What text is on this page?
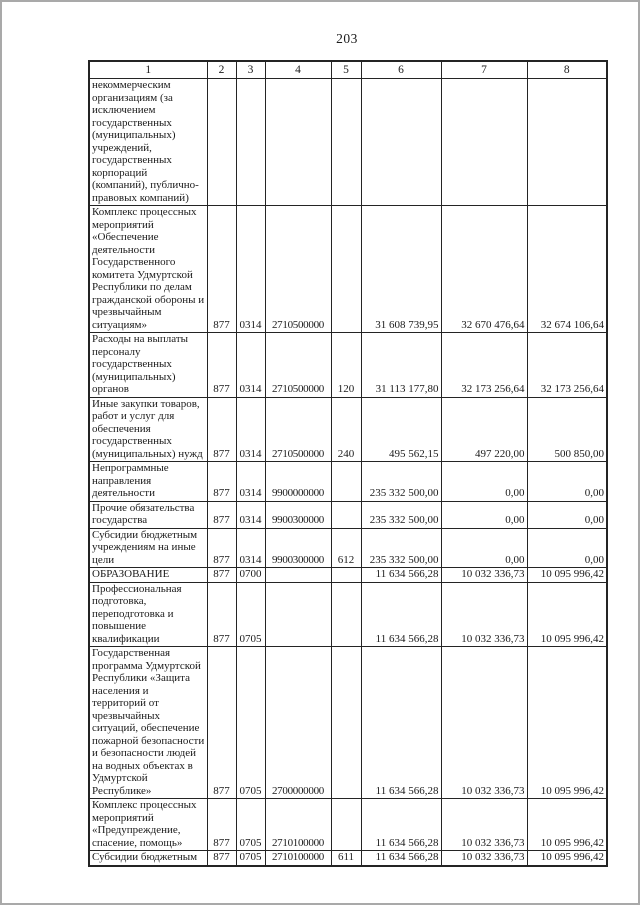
203
1	2	3	4	5	6	7	8
некоммерческим организациям (за исключением государственных (муниципальных) учреждений, государственных корпораций (компаний), публично-правовых компаний)							
Комплекс процессных мероприятий «Обеспечение деятельности Государственного комитета Удмуртской Республики по делам гражданской обороны и чрезвычайным ситуациям»	877	0314	2710500000		31 608 739,95	32 670 476,64	32 674 106,64
Расходы на выплаты персоналу государственных (муниципальных) органов	877	0314	2710500000	120	31 113 177,80	32 173 256,64	32 173 256,64
Иные закупки товаров, работ и услуг для обеспечения государственных (муниципальных) нужд	877	0314	2710500000	240	495 562,15	497 220,00	500 850,00
Непрограммные направления деятельности	877	0314	9900000000		235 332 500,00	0,00	0,00
Прочие обязательства государства	877	0314	9900300000		235 332 500,00	0,00	0,00
Субсидии бюджетным учреждениям на иные цели	877	0314	9900300000	612	235 332 500,00	0,00	0,00
ОБРАЗОВАНИЕ	877	0700			11 634 566,28	10 032 336,73	10 095 996,42
Профессиональная подготовка, переподготовка и повышение квалификации	877	0705			11 634 566,28	10 032 336,73	10 095 996,42
Государственная программа Удмуртской Республики «Защита населения и территорий от чрезвычайных ситуаций, обеспечение пожарной безопасности и безопасности людей на водных объектах в Удмуртской Республике»	877	0705	2700000000		11 634 566,28	10 032 336,73	10 095 996,42
Комплекс процессных мероприятий «Предупреждение, спасение, помощь»	877	0705	2710100000		11 634 566,28	10 032 336,73	10 095 996,42
Субсидии бюджетным	877	0705	2710100000	611	11 634 566,28	10 032 336,73	10 095 996,42
